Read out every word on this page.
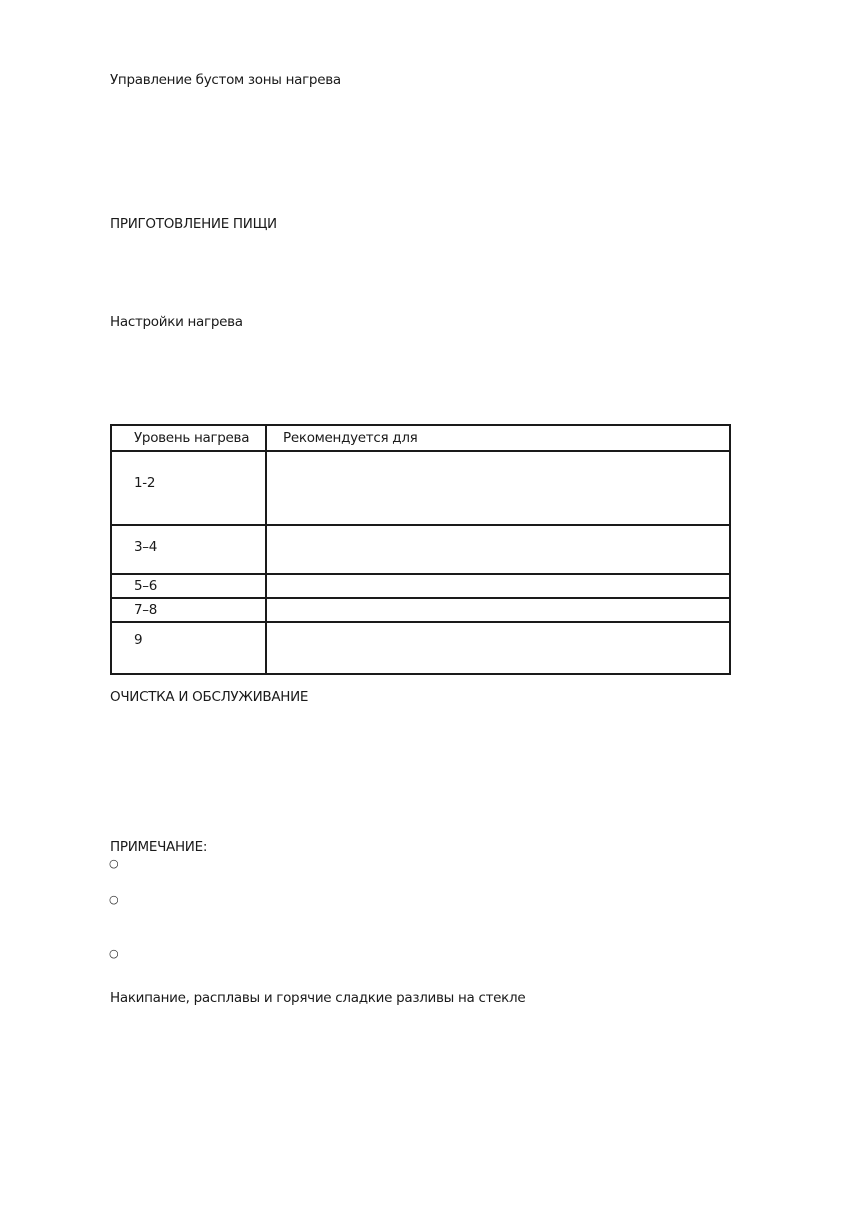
Управление бустом зоны нагрева
ПРИГОТОВЛЕНИЕ ПИЩИ
Настройки нагрева
Уровень нагрева	Рекомендуется для

1-2	

3–4	

5–6	

7–8	

9	

ОЧИСТКА И ОБСЛУЖИВАНИЕ
ПРИМЕЧАНИЕ:
○
○
○
Накипание, расплавы и горячие сладкие разливы на стекле
